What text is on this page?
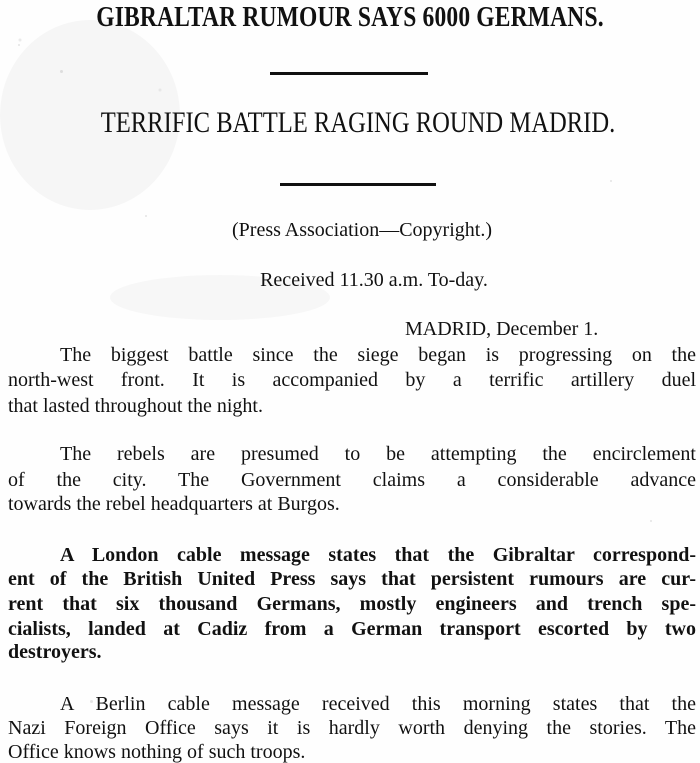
GIBRALTAR RUMOUR SAYS 6000 GERMANS.
TERRIFIC BATTLE RAGING ROUND MADRID.
(Press Association—Copyright.)
Received 11.30 a.m. To-day.
MADRID, December 1.
The biggest battle since the siege began is progressing on the
north-west front. It is accompanied by a terrific artillery duel
that lasted throughout the night.
The rebels are presumed to be attempting the encirclement
of the city. The Government claims a considerable advance
towards the rebel headquarters at Burgos.
A London cable message states that the Gibraltar correspond-
ent of the British United Press says that persistent rumours are cur-
rent that six thousand Germans, mostly engineers and trench spe-
cialists, landed at Cadiz from a German transport escorted by two
destroyers.
A Berlin cable message received this morning states that the
Nazi Foreign Office says it is hardly worth denying the stories. The
Office knows nothing of such troops.
